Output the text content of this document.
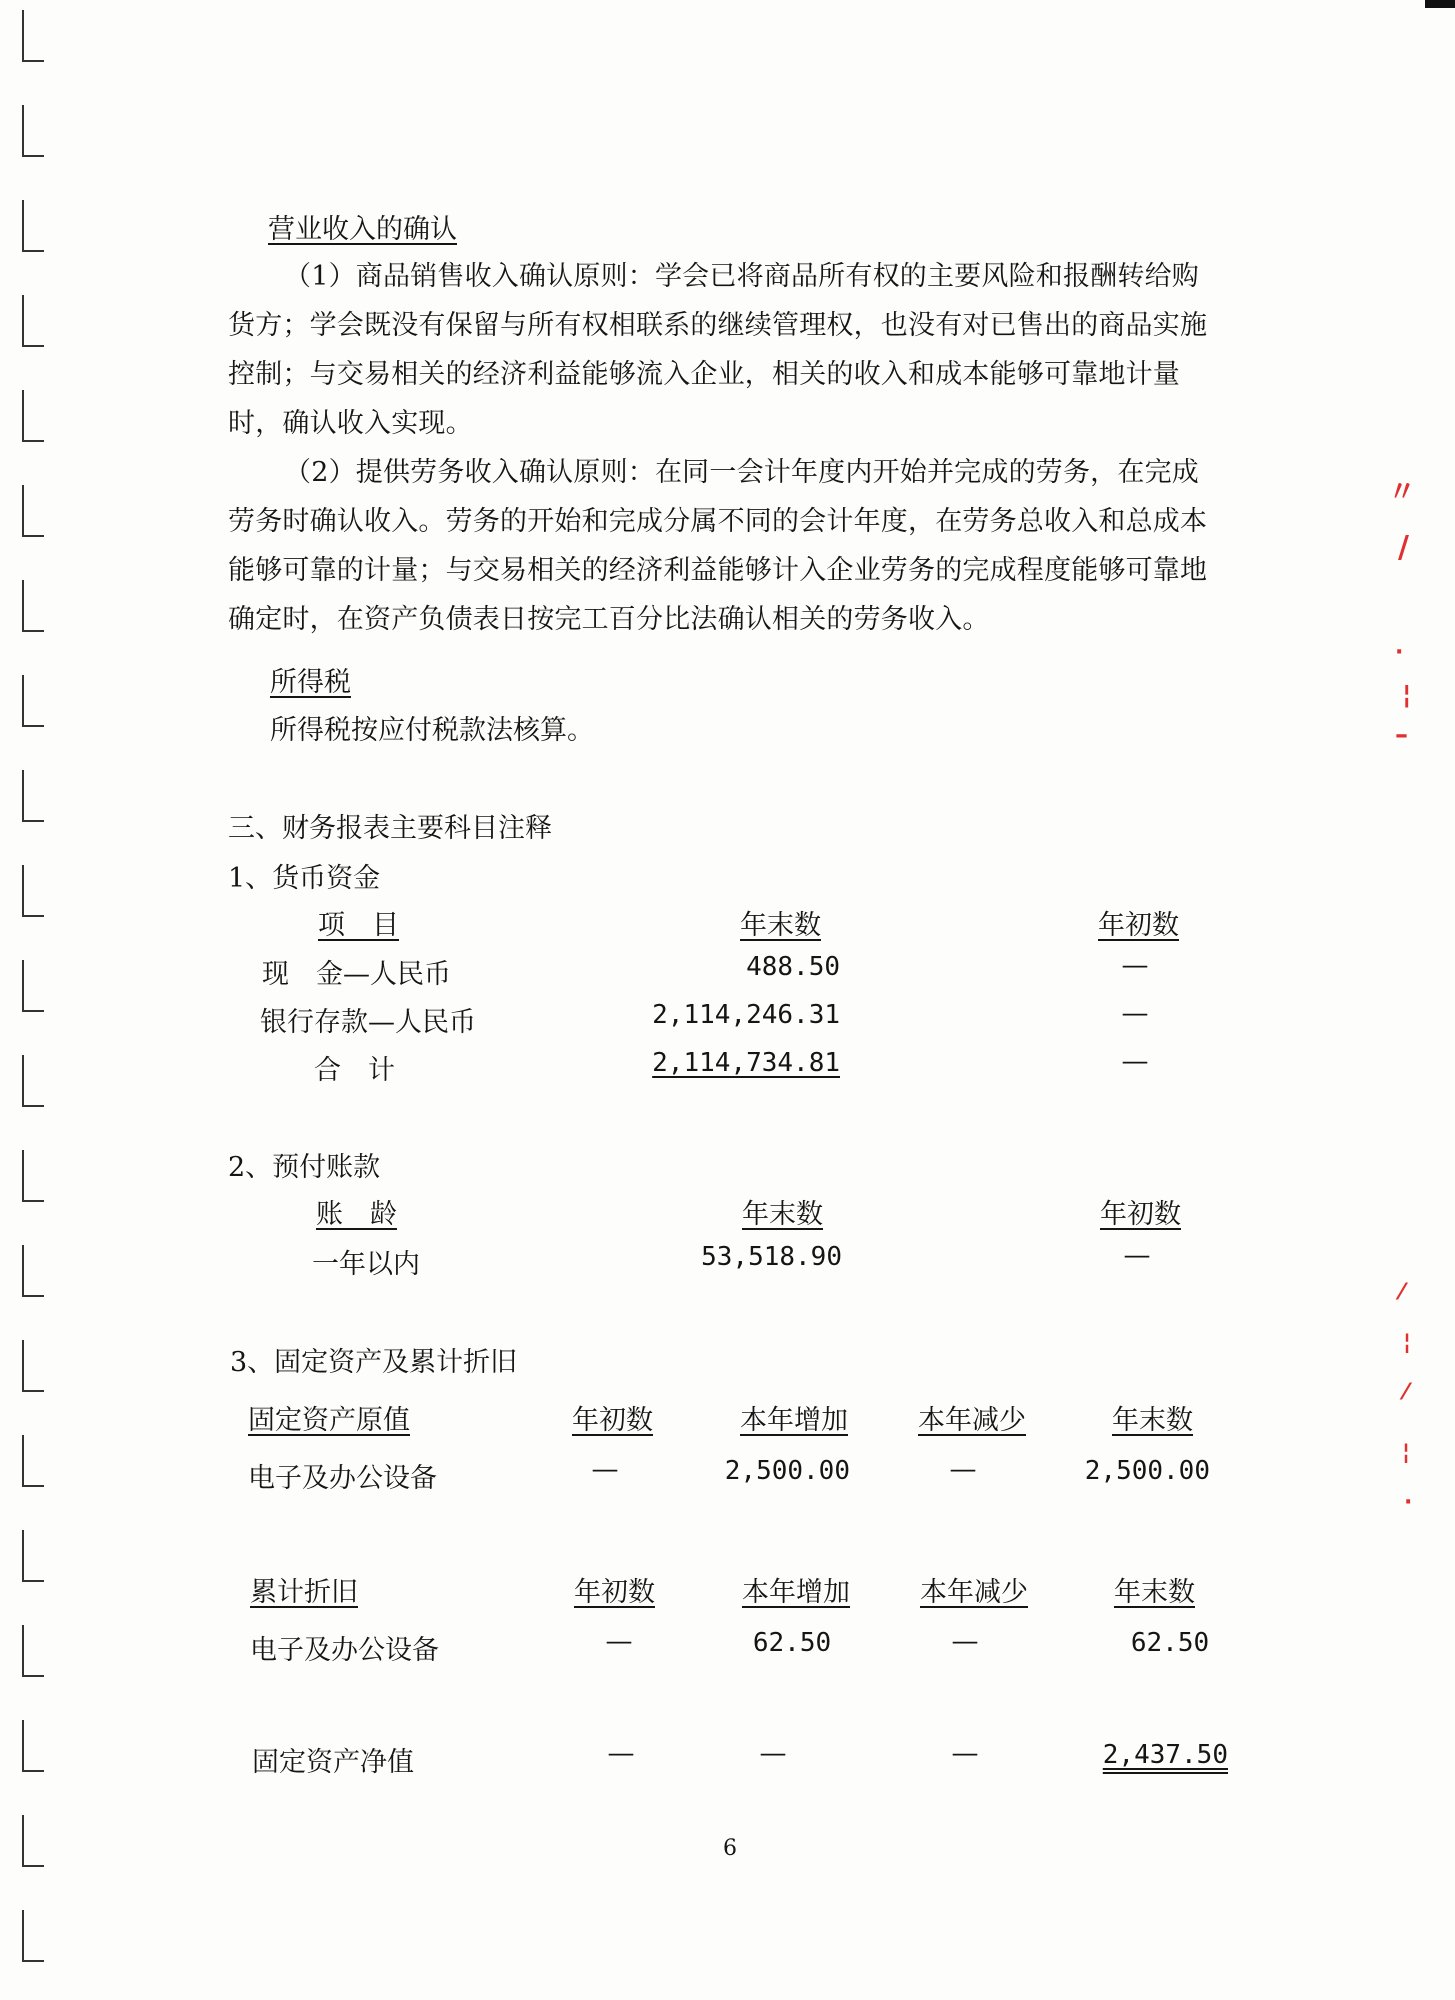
〃
/
·
¦
–
⁄
¦
⁄
¦
·
营业收入的确认

（1）商品销售收入确认原则：学会已将商品所有权的主要风险和报酬转给购货方；学会既没有保留与所有权相联系的继续管理权，也没有对已售出的商品实施控制；与交易相关的经济利益能够流入企业，相关的收入和成本能够可靠地计量时，确认收入实现。

（2）提供劳务收入确认原则：在同一会计年度内开始并完成的劳务，在完成劳务时确认收入。劳务的开始和完成分属不同的会计年度，在劳务总收入和总成本能够可靠的计量；与交易相关的经济利益能够计入企业劳务的完成程度能够可靠地确定时，在资产负债表日按完工百分比法确认相关的劳务收入。

所得税
所得税按应付税款法核算。
三、财务报表主要科目注释
1、货币资金
项　目	年末数	年初数
现　金—人民币	488.50	—
银行存款—人民币	2,114,246.31	—
合　计	2,114,734.81	—
2、预付账款
账　龄	年末数	年初数
一年以内	53,518.90	—
3、固定资产及累计折旧
固定资产原值	年初数	本年增加	本年减少	年末数
电子及办公设备	—	2,500.00	—	2,500.00
累计折旧	年初数	本年增加	本年减少	年末数
电子及办公设备	—	62.50	—	62.50
固定资产净值	—	—	—	2,437.50
6
